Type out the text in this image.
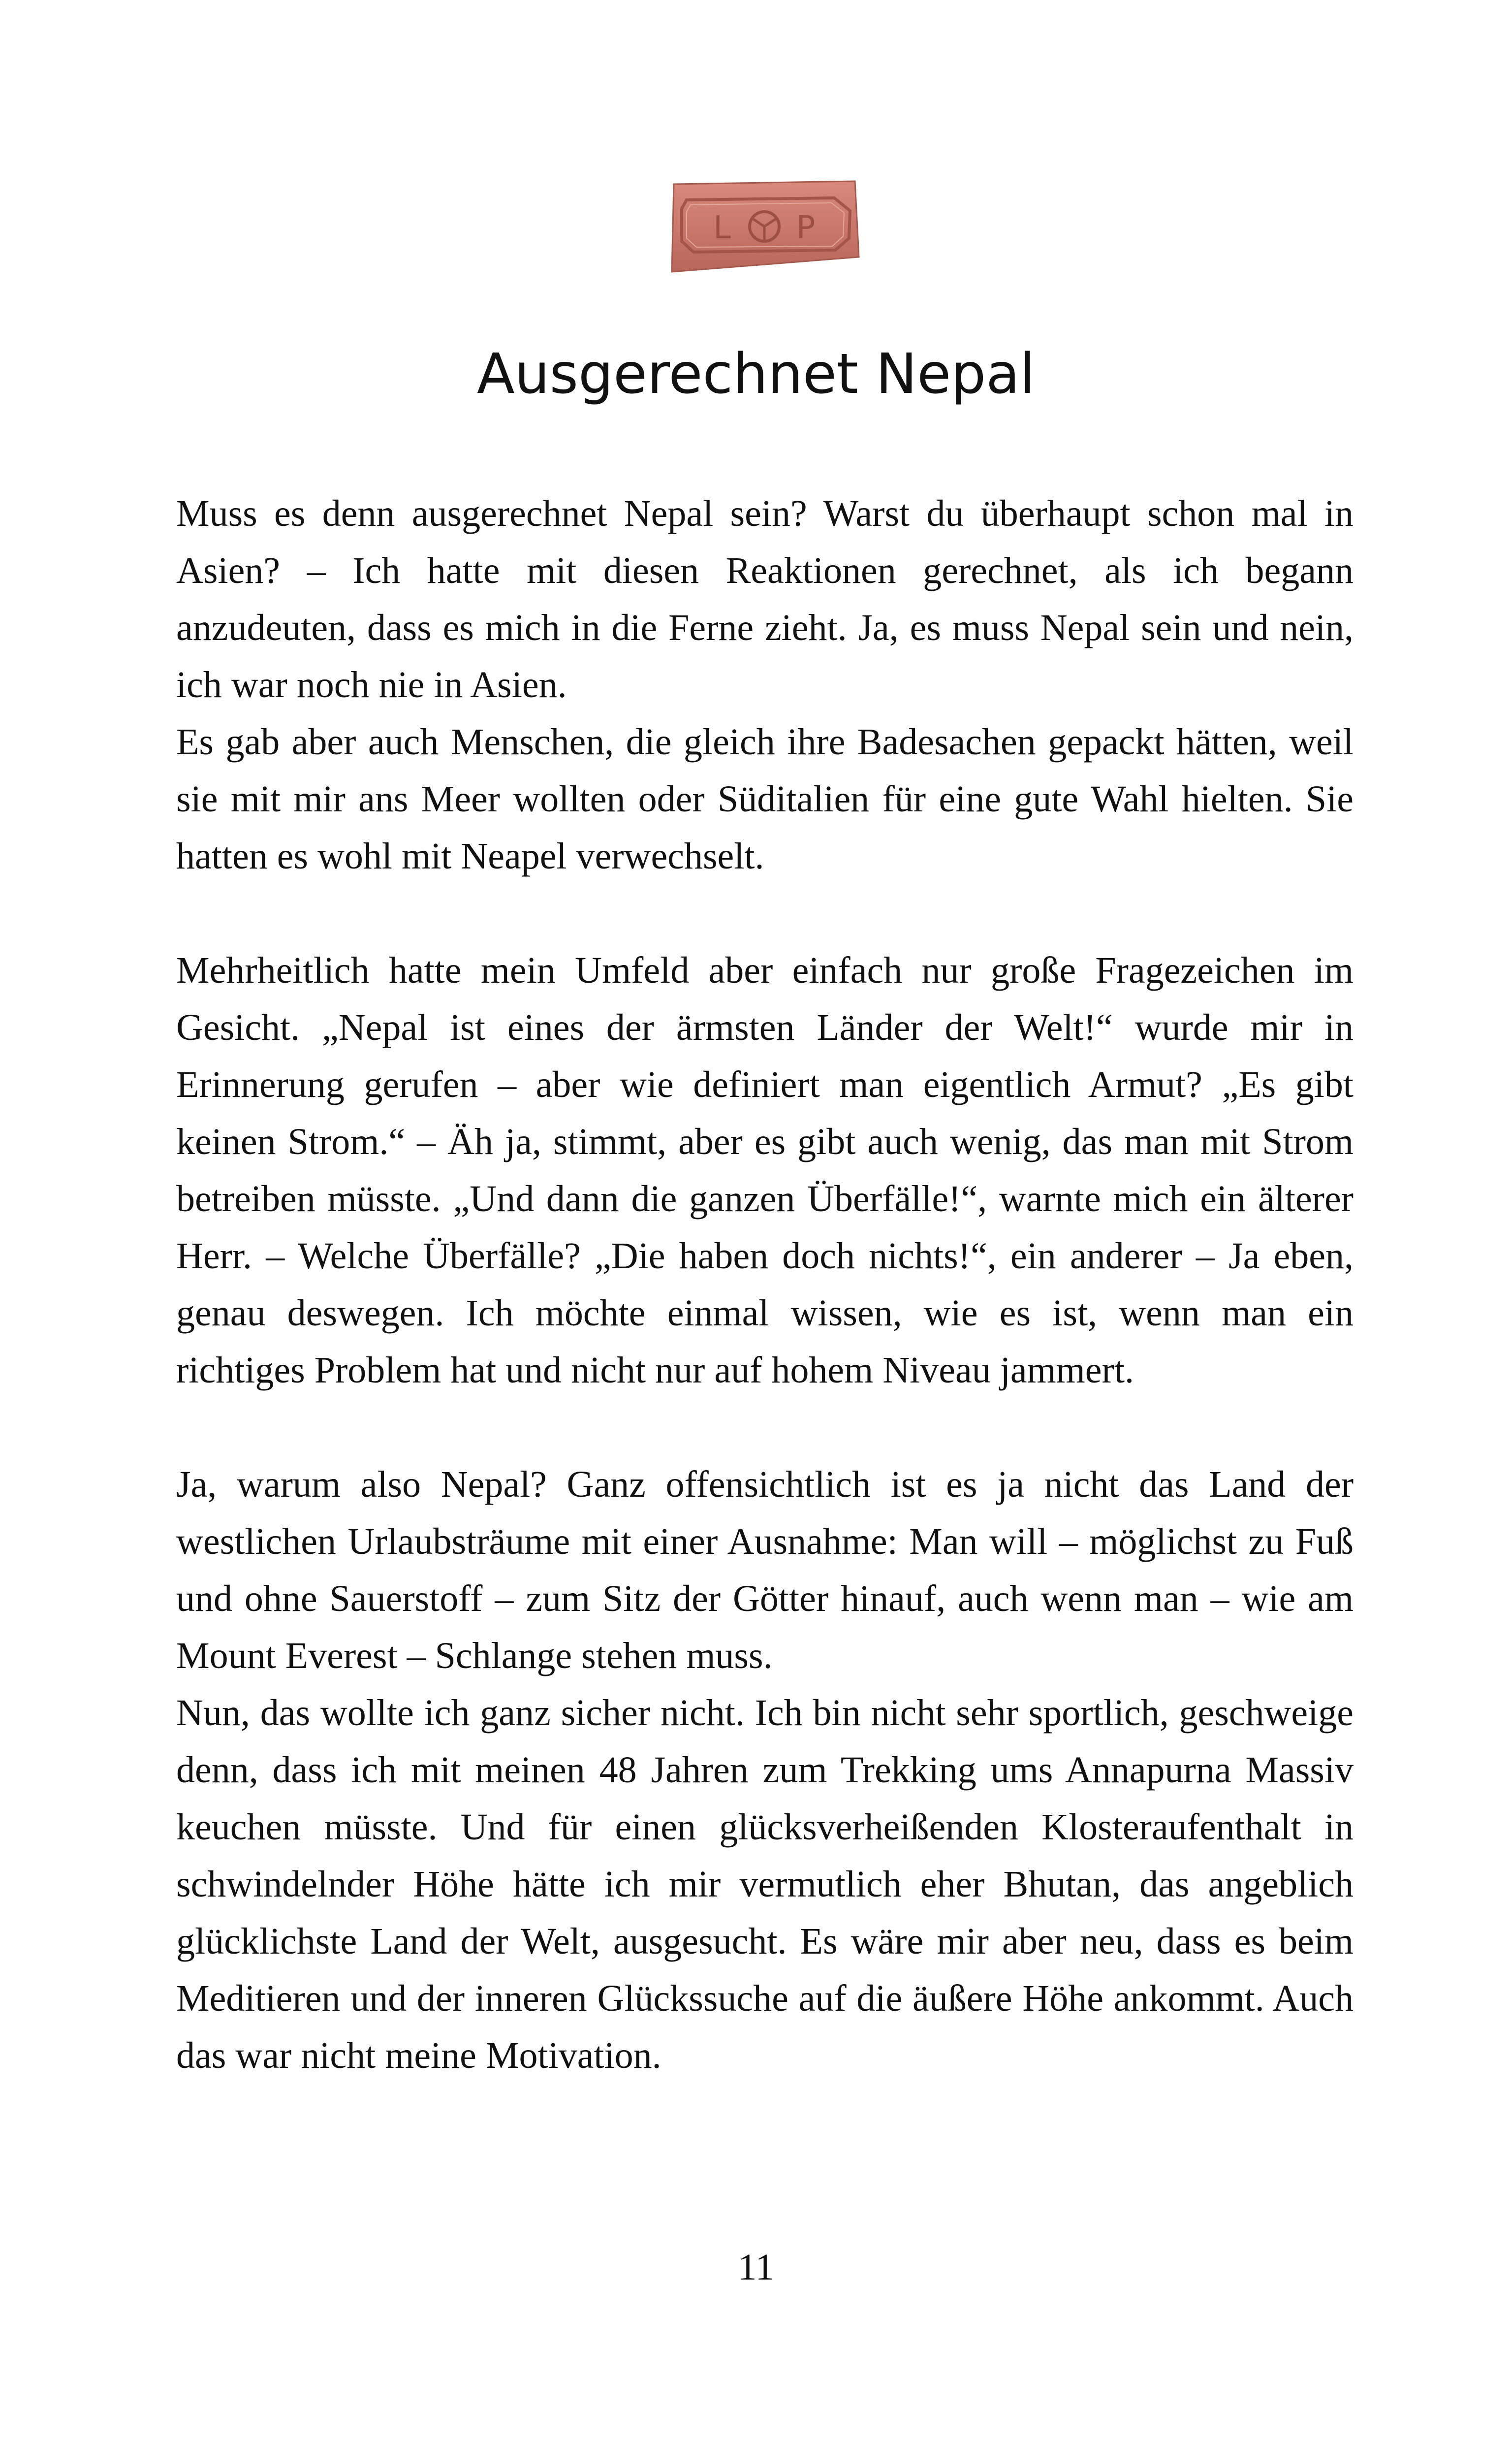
L P
Ausgerechnet Nepal

Muss es denn ausgerechnet Nepal sein? Warst du überhaupt schon mal in Asien? – Ich hatte mit diesen Reaktionen gerechnet, als ich begann anzudeuten, dass es mich in die Ferne zieht. Ja, es muss Nepal sein und nein, ich war noch nie in Asien.

Es gab aber auch Menschen, die gleich ihre Badesachen gepackt hätten, weil sie mit mir ans Meer wollten oder Süditalien für eine gute Wahl hielten. Sie hatten es wohl mit Neapel verwechselt.

Mehrheitlich hatte mein Umfeld aber einfach nur große Fragezeichen im Gesicht. „Nepal ist eines der ärmsten Länder der Welt!“ wurde mir in Erinnerung gerufen – aber wie definiert man eigentlich Armut? „Es gibt keinen Strom.“ – Äh ja, stimmt, aber es gibt auch wenig, das man mit Strom betreiben müsste. „Und dann die ganzen Überfälle!“, warnte mich ein älterer Herr. – Welche Überfälle? „Die haben doch nichts!“, ein anderer – Ja eben, genau deswegen. Ich möchte einmal wissen, wie es ist, wenn man ein richtiges Problem hat und nicht nur auf hohem Niveau jammert.

Ja, warum also Nepal? Ganz offensichtlich ist es ja nicht das Land der westlichen Urlaubsträume mit einer Ausnahme: Man will – möglichst zu Fuß und ohne Sauerstoff – zum Sitz der Götter hinauf, auch wenn man – wie am Mount Everest – Schlange stehen muss.

Nun, das wollte ich ganz sicher nicht. Ich bin nicht sehr sportlich, geschweige denn, dass ich mit meinen 48 Jahren zum Trekking ums Annapurna Massiv keuchen müsste. Und für einen glücksverheißenden Klosteraufenthalt in schwindelnder Höhe hätte ich mir vermutlich eher Bhutan, das angeblich glücklichste Land der Welt, ausgesucht. Es wäre mir aber neu, dass es beim Meditieren und der inneren Glückssuche auf die äußere Höhe ankommt. Auch das war nicht meine Motivation.

11
